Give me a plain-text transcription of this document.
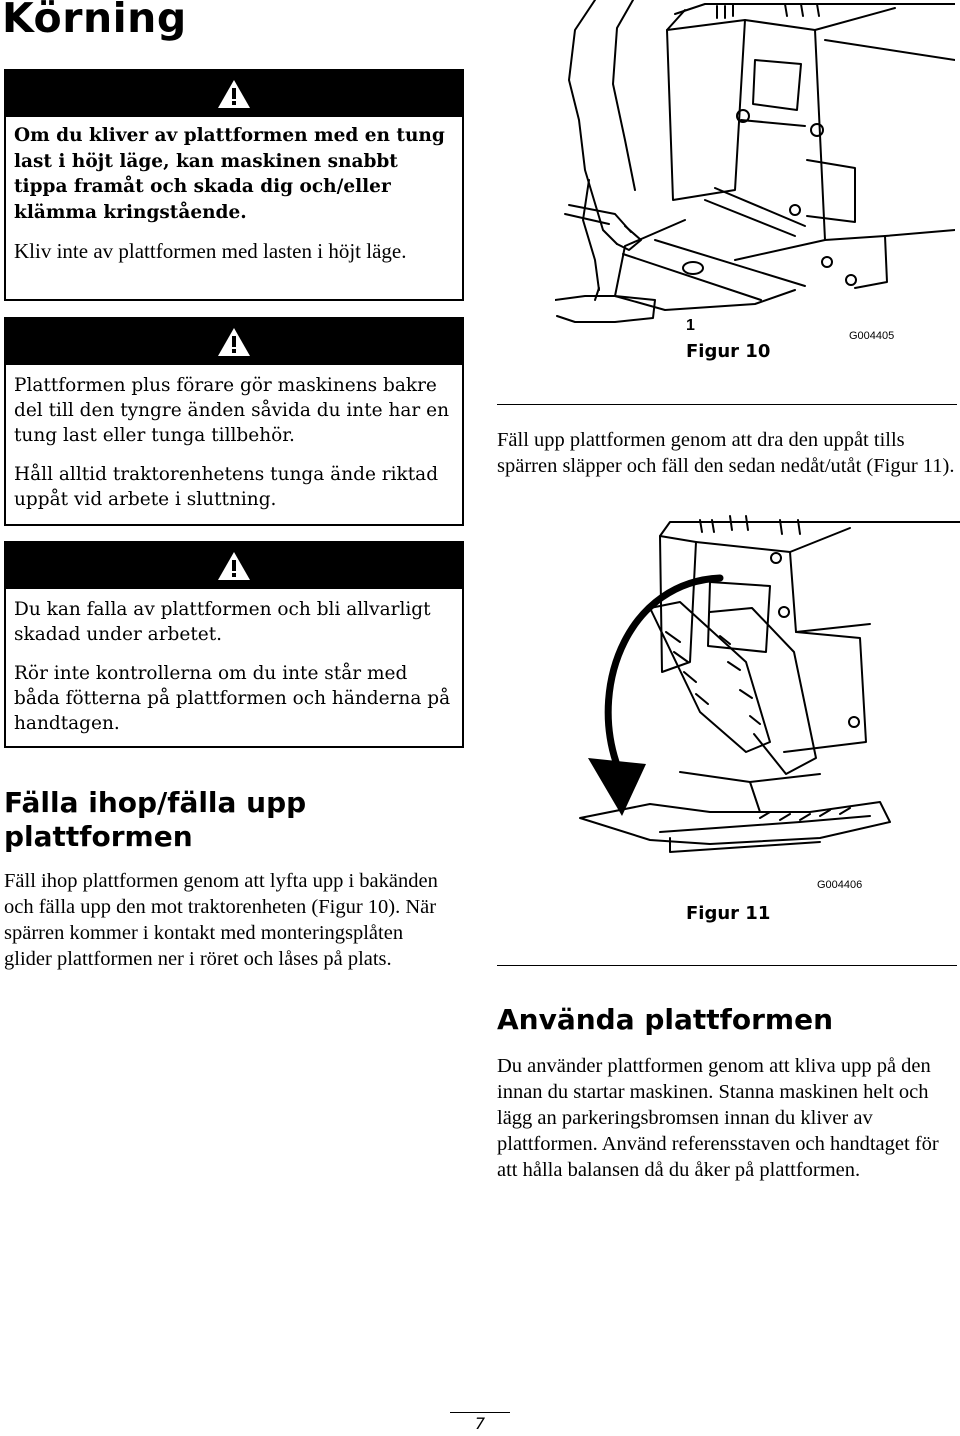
Körning

Om du kliver av plattformen med en tung last i höjt läge, kan maskinen snabbt tippa framåt och skada dig och/eller klämma kringstående.

Kliv inte av plattformen med lasten i höjt läge.

Plattformen plus förare gör maskinens bakre del till den tyngre änden såvida du inte har en tung last eller tunga tillbehör.

Håll alltid traktorenhetens tunga ände riktad uppåt vid arbete i sluttning.

Du kan falla av plattformen och bli allvarligt skadad under arbetet.

Rör inte kontrollerna om du inte står med båda fötterna på plattformen och händerna på handtagen.

Fälla ihop/fälla upp plattformen

Fäll ihop plattformen genom att lyfta upp i bakänden och fälla upp den mot traktorenheten (Figur 10). När spärren kommer i kontakt med monteringsplåten glider plattformen ner i röret och låses på plats.

1

Figur 10

G004405

Fäll upp plattformen genom att dra den uppåt tills spärren släpper och fäll den sedan nedåt/utåt (Figur 11).

Figur 11

G004406

Använda plattformen

Du använder plattformen genom att kliva upp på den innan du startar maskinen. Stanna maskinen helt och lägg an parkeringsbromsen innan du kliver av plattformen. Använd referensstaven och handtaget för att hålla balansen då du åker på plattformen.

7
